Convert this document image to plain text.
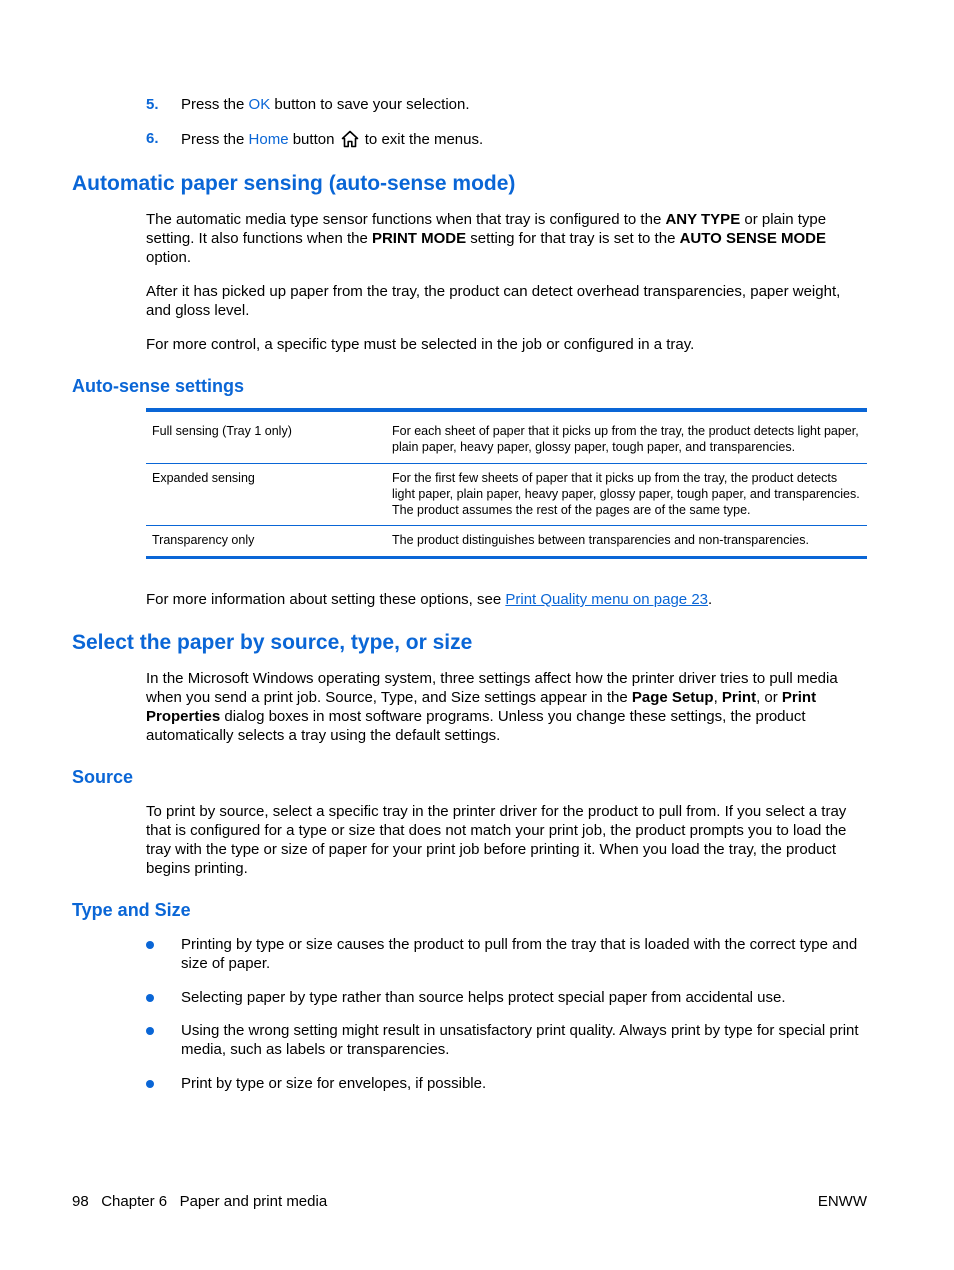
5. Press the OK button to save your selection.
6. Press the Home button  to exit the menus.
Automatic paper sensing (auto-sense mode)

The automatic media type sensor functions when that tray is configured to the ANY TYPE or plain type setting. It also functions when the PRINT MODE setting for that tray is set to the AUTO SENSE MODE option.

After it has picked up paper from the tray, the product can detect overhead transparencies, paper weight, and gloss level.

For more control, a specific type must be selected in the job or configured in a tray.

Auto-sense settings
Full sensing (Tray 1 only)	For each sheet of paper that it picks up from the tray, the product detects light paper, plain paper, heavy paper, glossy paper, tough paper, and transparencies.
Expanded sensing	For the first few sheets of paper that it picks up from the tray, the product detects light paper, plain paper, heavy paper, glossy paper, tough paper, and transparencies. The product assumes the rest of the pages are of the same type.
Transparency only	The product distinguishes between transparencies and non-transparencies.

For more information about setting these options, see Print Quality menu on page 23.

Select the paper by source, type, or size

In the Microsoft Windows operating system, three settings affect how the printer driver tries to pull media when you send a print job. Source, Type, and Size settings appear in the Page Setup, Print, or Print Properties dialog boxes in most software programs. Unless you change these settings, the product automatically selects a tray using the default settings.

Source

To print by source, select a specific tray in the printer driver for the product to pull from. If you select a tray that is configured for a type or size that does not match your print job, the product prompts you to load the tray with the type or size of paper for your print job before printing it. When you load the tray, the product begins printing.

Type and Size

Printing by type or size causes the product to pull from the tray that is loaded with the correct type and size of paper.

Selecting paper by type rather than source helps protect special paper from accidental use.

Using the wrong setting might result in unsatisfactory print quality. Always print by type for special print media, such as labels or transparencies.

Print by type or size for envelopes, if possible.

98 Chapter 6   Paper and print media	ENWW
